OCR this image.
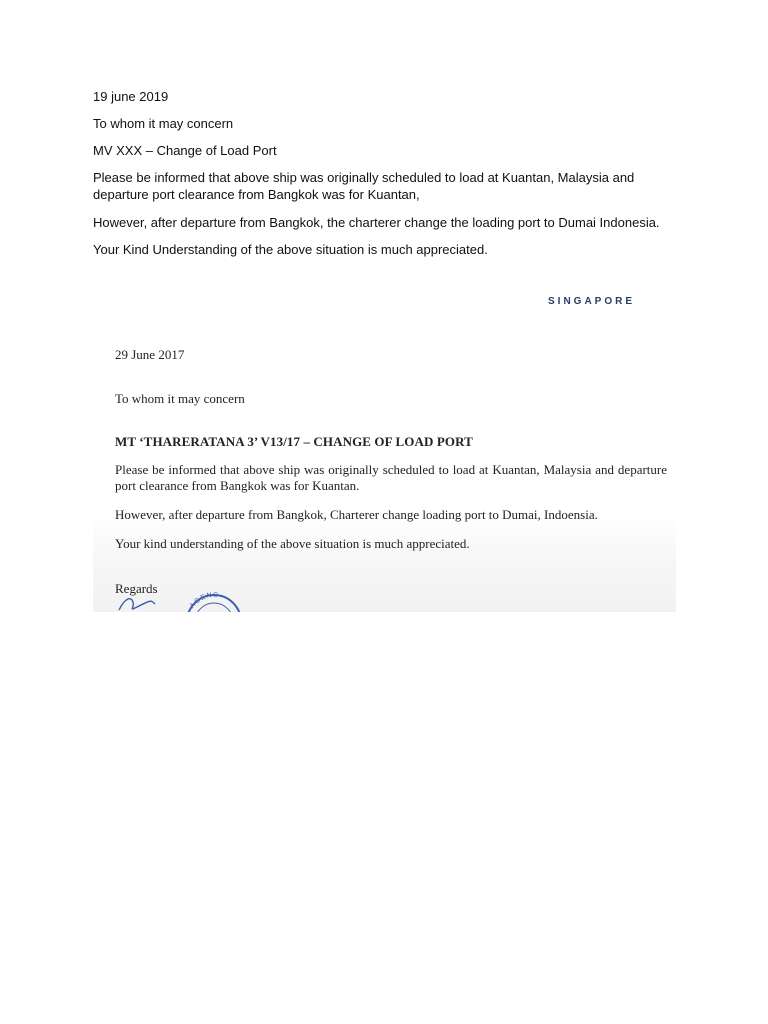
19 june 2019

To whom it may concern

MV XXX – Change of Load Port

Please be informed that above ship was originally scheduled to load at Kuantan, Malaysia and departure port clearance from Bangkok was for Kuantan,

However, after departure from Bangkok, the charterer change the loading port to Dumai Indonesia.

Your Kind Understanding of the above situation is much appreciated.

SINGAPORE

29 June 2017

To whom it may concern

MT ‘THARERATANA 3’ V13/17 – CHANGE OF LOAD PORT

Please be informed that above ship was originally scheduled to load at Kuantan, Malaysia and departure port clearance from Bangkok was for Kuantan.

However, after departure from Bangkok, Charterer change loading port to Dumai, Indoensia.

Your kind understanding of the above situation is much appreciated.

Regards

AGENC
